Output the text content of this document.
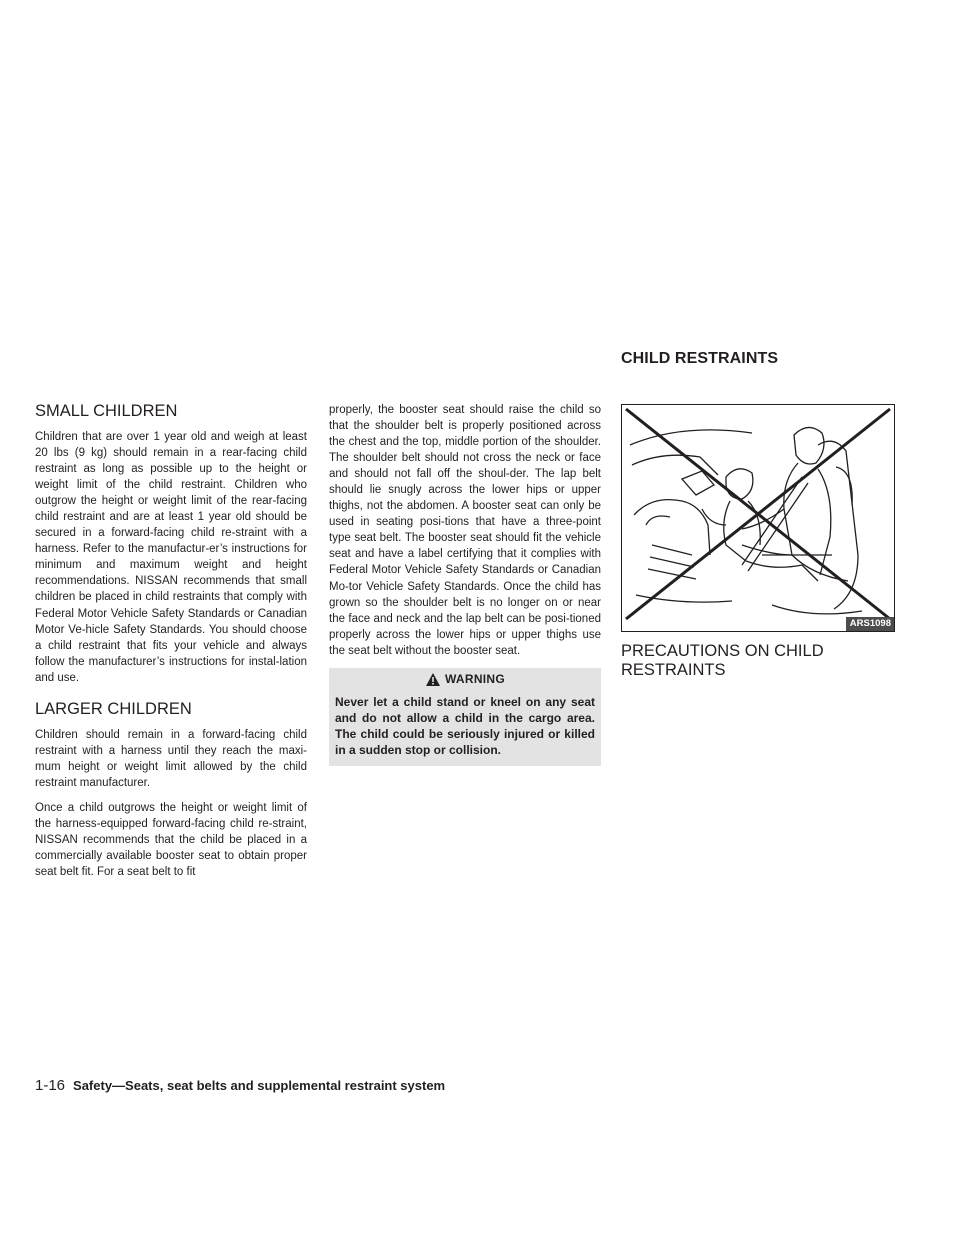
CHILD RESTRAINTS
SMALL CHILDREN

Children that are over 1 year old and weigh at least 20 lbs (9 kg) should remain in a rear-facing child restraint as long as possible up to the height or weight limit of the child restraint. Children who outgrow the height or weight limit of the rear-facing child restraint and are at least 1 year old should be secured in a forward-facing child re-straint with a harness. Refer to the manufactur-er’s instructions for minimum and maximum weight and height recommendations. NISSAN recommends that small children be placed in child restraints that comply with Federal Motor Vehicle Safety Standards or Canadian Motor Ve-hicle Safety Standards. You should choose a child restraint that fits your vehicle and always follow the manufacturer’s instructions for instal-lation and use.

LARGER CHILDREN

Children should remain in a forward-facing child restraint with a harness until they reach the maxi-mum height or weight limit allowed by the child restraint manufacturer.

Once a child outgrows the height or weight limit of the harness-equipped forward-facing child re-straint, NISSAN recommends that the child be placed in a commercially available booster seat to obtain proper seat belt fit. For a seat belt to fit

properly, the booster seat should raise the child so that the shoulder belt is properly positioned across the chest and the top, middle portion of the shoulder. The shoulder belt should not cross the neck or face and should not fall off the shoul-der. The lap belt should lie snugly across the lower hips or upper thighs, not the abdomen. A booster seat can only be used in seating posi-tions that have a three-point type seat belt. The booster seat should fit the vehicle seat and have a label certifying that it complies with Federal Motor Vehicle Safety Standards or Canadian Mo-tor Vehicle Safety Standards. Once the child has grown so the shoulder belt is no longer on or near the face and neck and the lap belt can be posi-tioned properly across the lower hips or upper thighs use the seat belt without the booster seat.

WARNING

Never let a child stand or kneel on any seat and do not allow a child in the cargo area. The child could be seriously injured or killed in a sudden stop or collision.

ARS1098
PRECAUTIONS ON CHILD RESTRAINTS
1-16 Safety—Seats, seat belts and supplemental restraint system
